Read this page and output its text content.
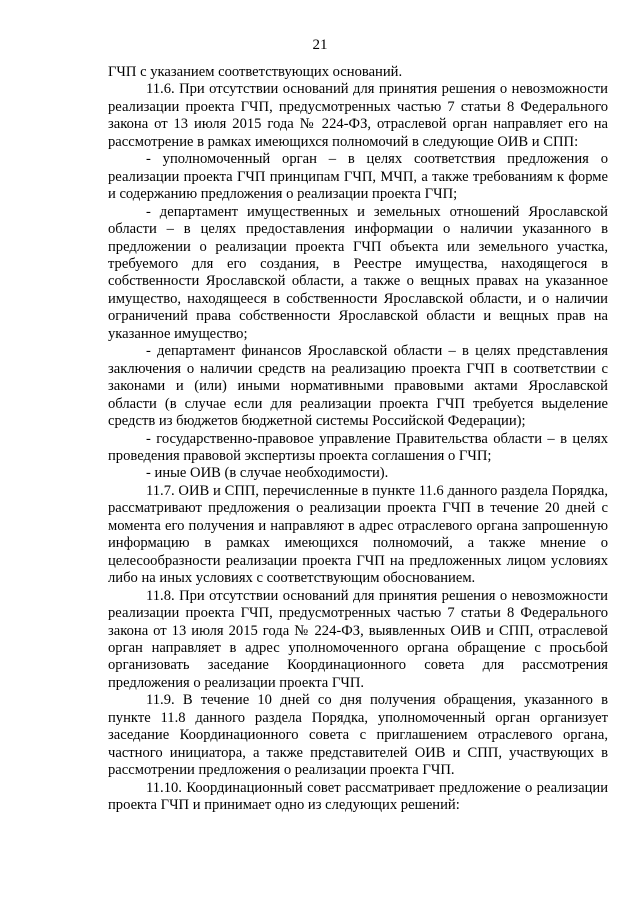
21

ГЧП с указанием соответствующих оснований.

11.6. При отсутствии оснований для принятия решения о невозможности реализации проекта ГЧП, предусмотренных частью 7 статьи 8 Федерального закона от 13 июля 2015 года № 224-ФЗ, отраслевой орган направляет его на рассмотрение в рамках имеющихся полномочий в следующие ОИВ и СПП:

- уполномоченный орган – в целях соответствия предложения о реализации проекта ГЧП принципам ГЧП, МЧП, а также требованиям к форме и содержанию предложения о реализации проекта ГЧП;

- департамент имущественных и земельных отношений Ярославской области – в целях предоставления информации о наличии указанного в предложении о реализации проекта ГЧП объекта или земельного участка, требуемого для его создания, в Реестре имущества, находящегося в собственности Ярославской области, а также о вещных правах на указанное имущество, находящееся в собственности Ярославской области, и о наличии ограничений права собственности Ярославской области и вещных прав на указанное имущество;

- департамент финансов Ярославской области – в целях представления заключения о наличии средств на реализацию проекта ГЧП в соответствии с законами и (или) иными нормативными правовыми актами Ярославской области (в случае если для реализации проекта ГЧП требуется выделение средств из бюджетов бюджетной системы Российской Федерации);

- государственно-правовое управление Правительства области – в целях проведения правовой экспертизы проекта соглашения о ГЧП;

- иные ОИВ (в случае необходимости).

11.7. ОИВ и СПП, перечисленные в пункте 11.6 данного раздела Порядка, рассматривают предложения о реализации проекта ГЧП в течение 20 дней с момента его получения и направляют в адрес отраслевого органа запрошенную информацию в рамках имеющихся полномочий, а также мнение о целесообразности реализации проекта ГЧП на предложенных лицом условиях либо на иных условиях с соответствующим обоснованием.

11.8. При отсутствии оснований для принятия решения о невозможности реализации проекта ГЧП, предусмотренных частью 7 статьи 8 Федерального закона от 13 июля 2015 года № 224-ФЗ, выявленных ОИВ и СПП, отраслевой орган направляет в адрес уполномоченного органа обращение с просьбой организовать заседание Координационного совета для рассмотрения предложения о реализации проекта ГЧП.

11.9. В течение 10 дней со дня получения обращения, указанного в пункте 11.8 данного раздела Порядка, уполномоченный орган организует заседание Координационного совета с приглашением отраслевого органа, частного инициатора, а также представителей ОИВ и СПП, участвующих в рассмотрении предложения о реализации проекта ГЧП.

11.10. Координационный совет рассматривает предложение о реализации проекта ГЧП и принимает одно из следующих решений:
